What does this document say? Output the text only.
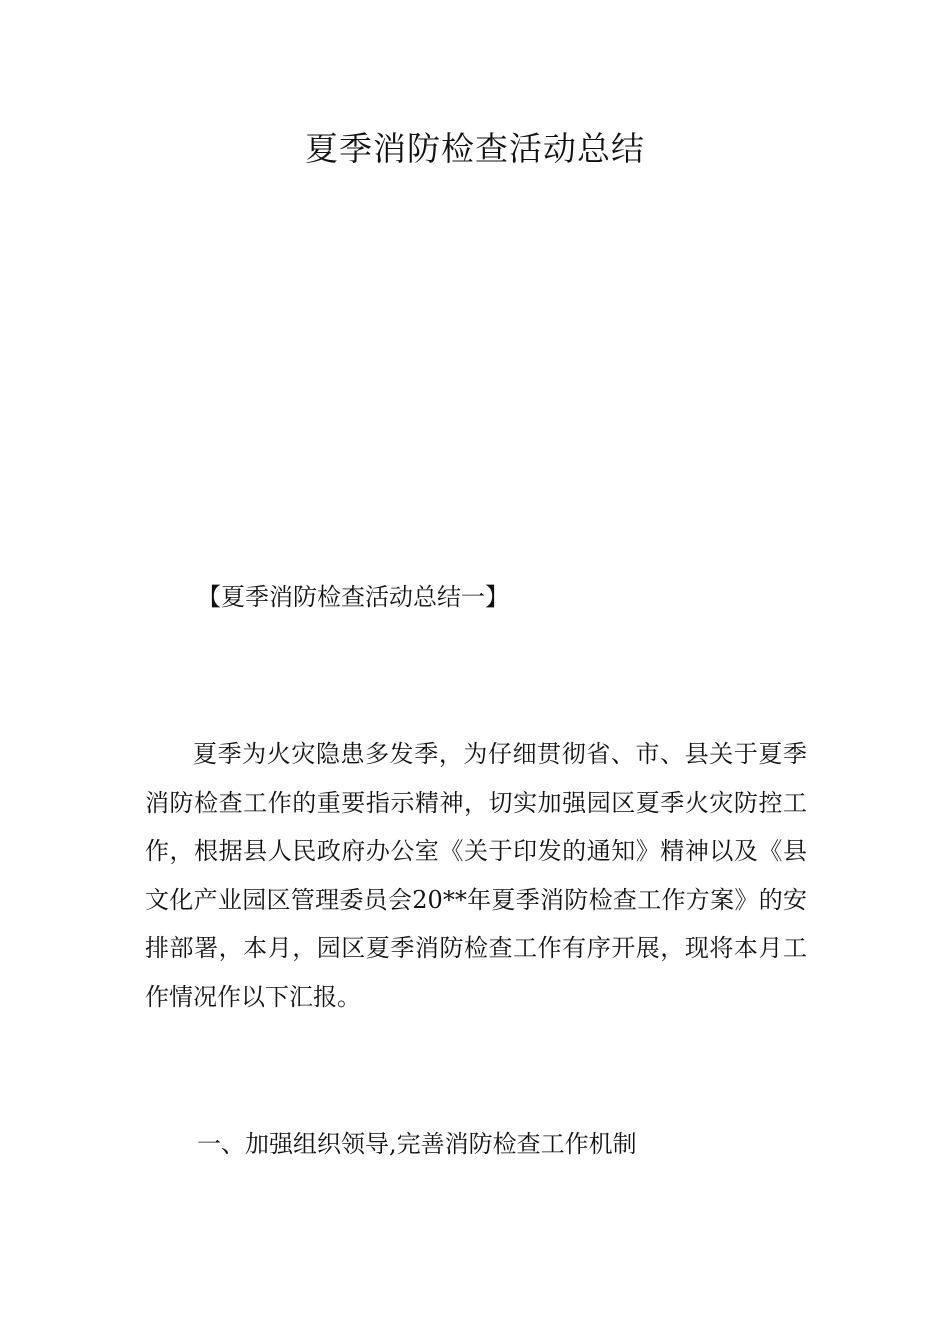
夏季消防检查活动总结

【夏季消防检查活动总结一】

夏季为火灾隐患多发季，为仔细贯彻省、市、县关于夏季消防检查工作的重要指示精神，切实加强园区夏季火灾防控工作，根据县人民政府办公室《关于印发的通知》精神以及《县文化产业园区管理委员会20**年夏季消防检查工作方案》的安排部署，本月，园区夏季消防检查工作有序开展，现将本月工作情况作以下汇报。

一、加强组织领导,完善消防检查工作机制
